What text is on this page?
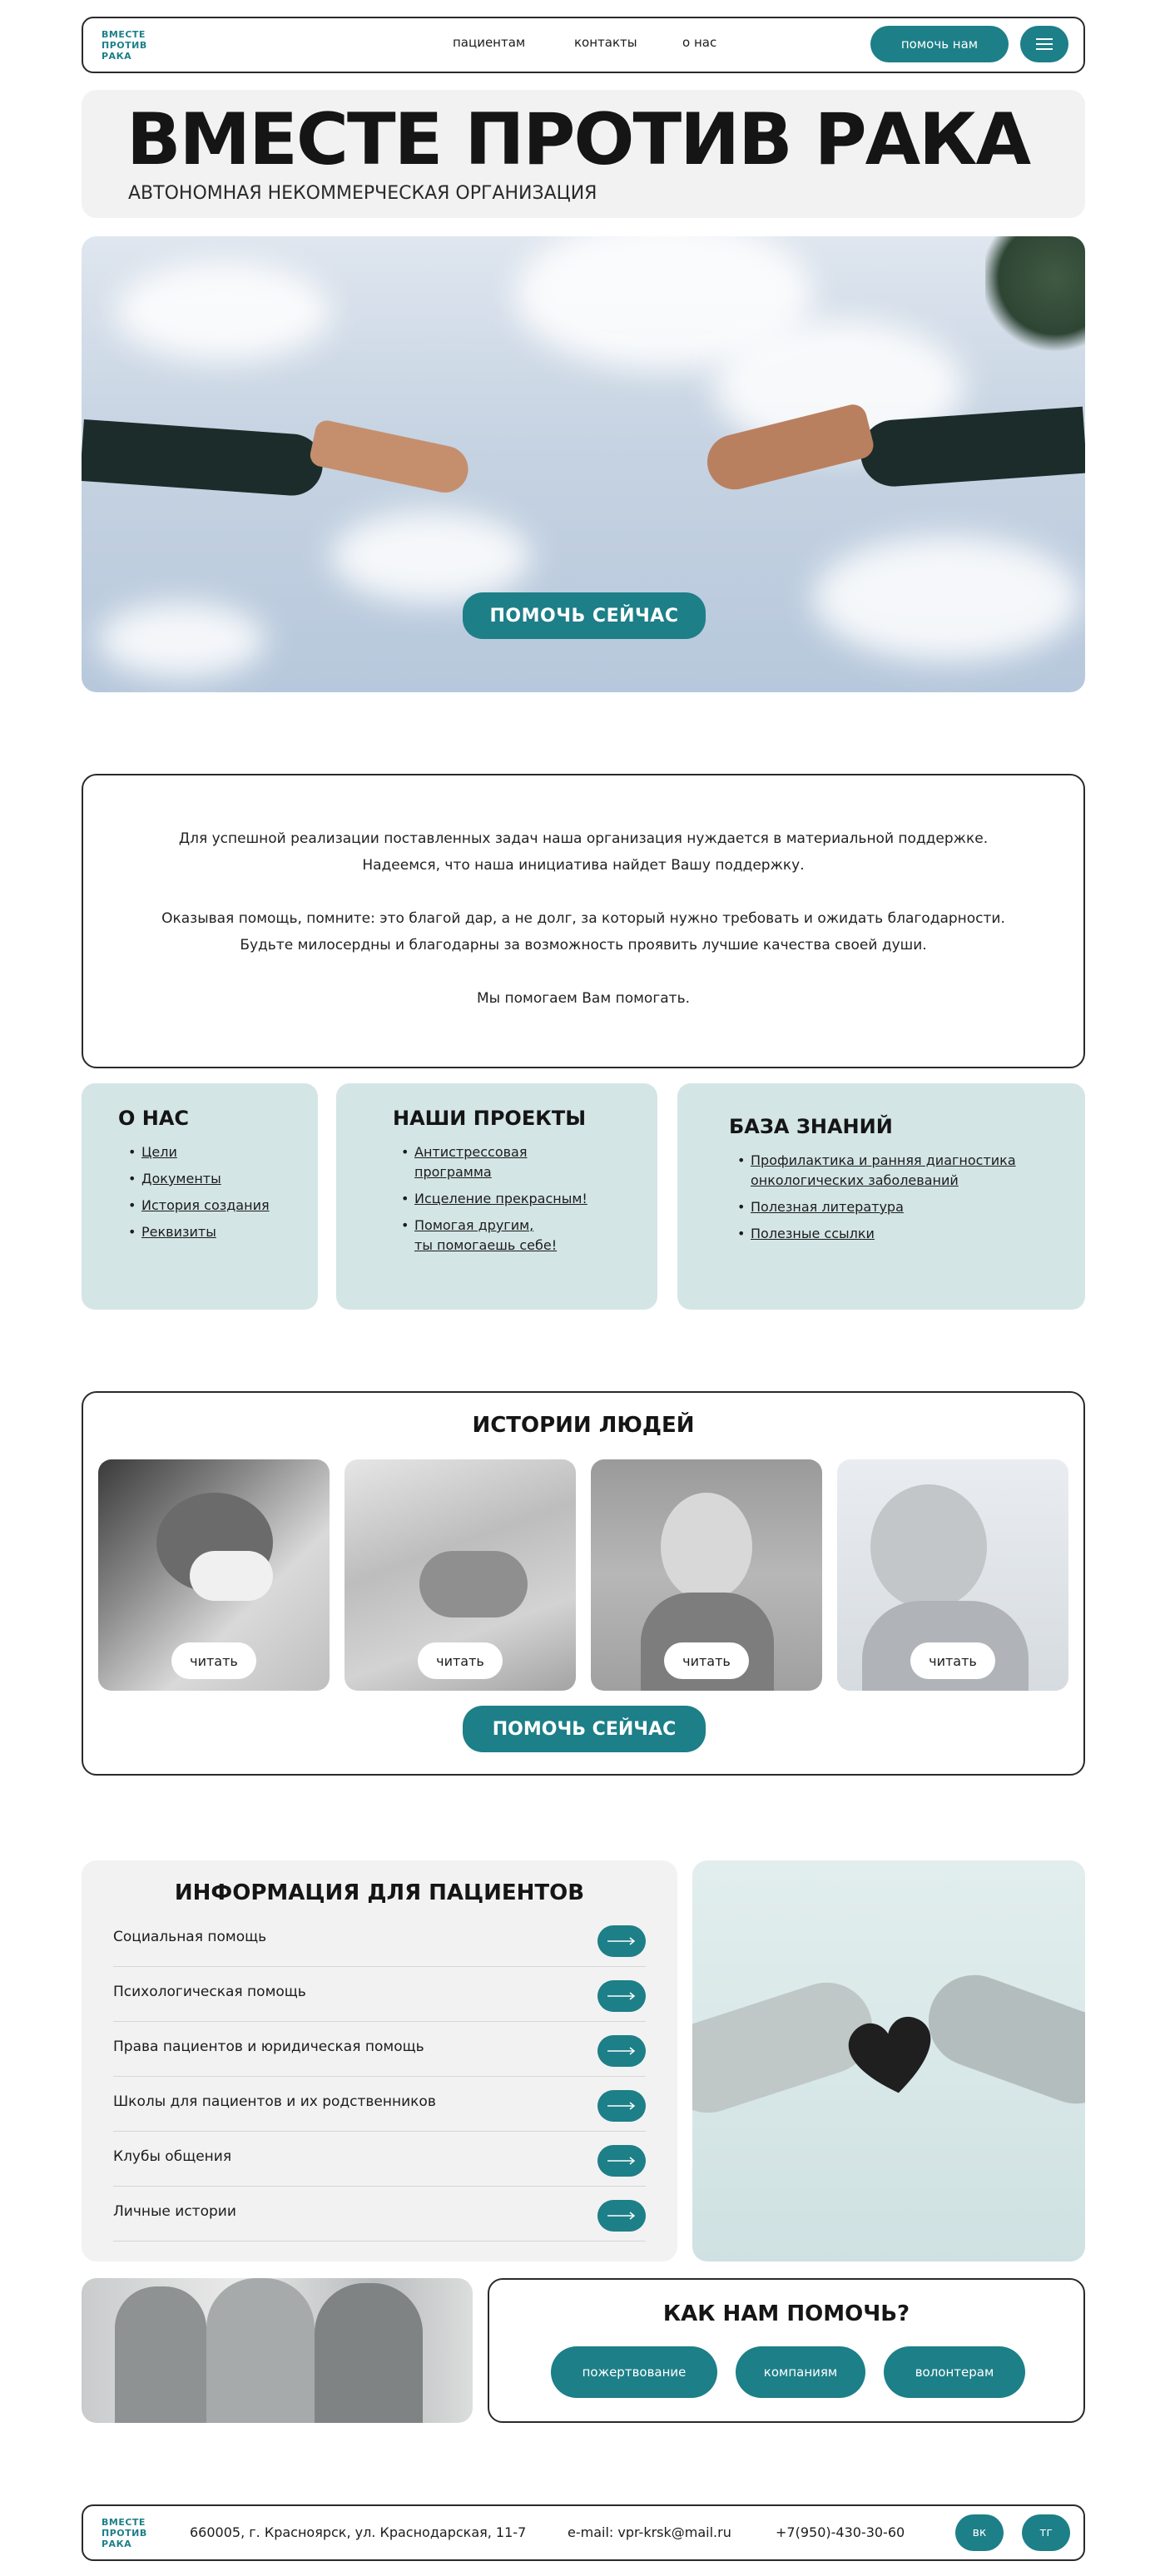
ВМЕСТЕ
ПРОТИВ
РАКА
пациентам	контакты	о нас	помочь нам
ВМЕСТЕ ПРОТИВ РАКА
АВТОНОМНАЯ НЕКОММЕРЧЕСКАЯ ОРГАНИЗАЦИЯ
ПОМОЧЬ СЕЙЧАС
Для успешной реализации поставленных задач наша организация нуждается в материальной поддержке.
Надеемся, что наша инициатива найдет Вашу поддержку.
Оказывая помощь, помните: это благой дар, а не долг, за который нужно требовать и ожидать благодарности.
Будьте милосердны и благодарны за возможность проявить лучшие качества своей души.
Мы помогаем Вам помогать.
О НАС
• Цели
• Документы
• История создания
• Реквизиты
НАШИ ПРОЕКТЫ
• Антистрессовая
программа
• Исцеление прекрасным!
• Помогая другим,
ты помогаешь себе!
БАЗА ЗНАНИЙ
• Профилактика и ранняя диагностика
онкологических заболеваний
• Полезная литература
• Полезные ссылки
ИСТОРИИ ЛЮДЕЙ
читать	читать	читать	читать
ПОМОЧЬ СЕЙЧАС
ИНФОРМАЦИЯ ДЛЯ ПАЦИЕНТОВ
Социальная помощь
Психологическая помощь
Права пациентов и юридическая помощь
Школы для пациентов и их родственников
Клубы общения
Личные истории
КАК НАМ ПОМОЧЬ?
пожертвование	компаниям	волонтерам
ВМЕСТЕ
ПРОТИВ
РАКА
660005, г. Красноярск, ул. Краснодарская, 11-7	e-mail: vpr-krsk@mail.ru	+7(950)-430-30-60	вк	тг
